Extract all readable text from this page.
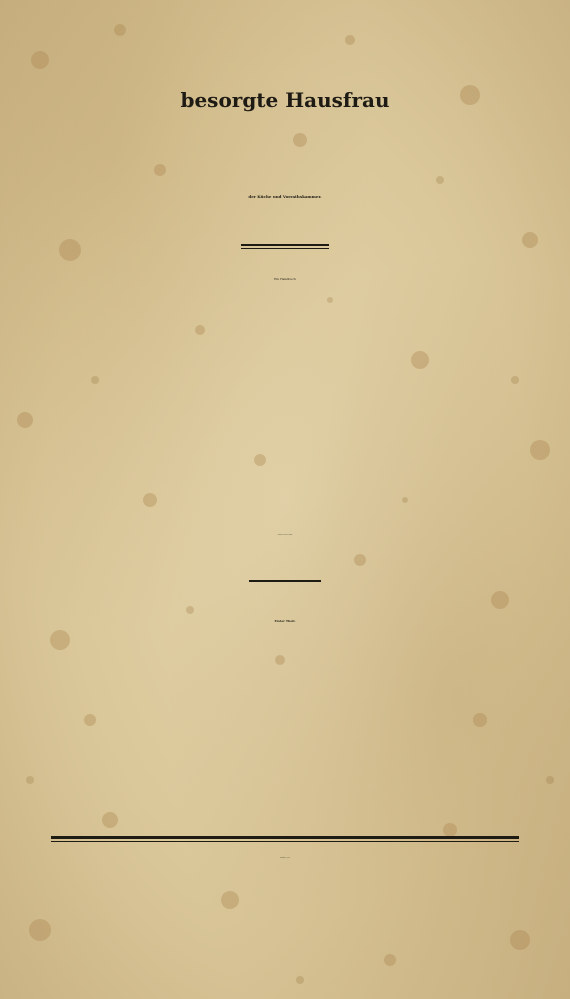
besorgte Hausfrau
der Küche und Vorrathskammer.
Ein Handbuch
Caroline Eleonore Grebitz.
Erster Theil.
Reutlingen, 1825.
